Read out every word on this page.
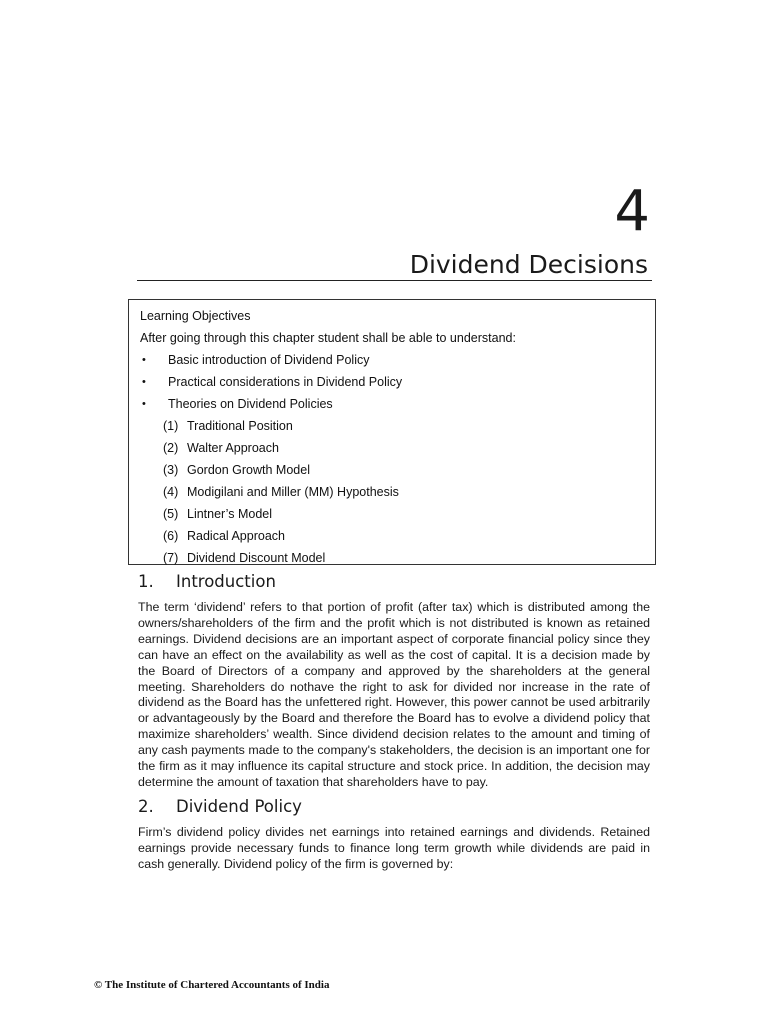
4
Dividend Decisions
Learning Objectives
After going through this chapter student shall be able to understand:
• Basic introduction of Dividend Policy
• Practical considerations in Dividend Policy
• Theories on Dividend Policies
(1) Traditional Position
(2) Walter Approach
(3) Gordon Growth Model
(4) Modigilani and Miller (MM) Hypothesis
(5) Lintner’s Model
(6) Radical Approach
(7) Dividend Discount Model
1. Introduction
The term ‘dividend’ refers to that portion of profit (after tax) which is distributed among the owners/shareholders of the firm and the profit which is not distributed is known as retained earnings. Dividend decisions are an important aspect of corporate financial policy since they can have an effect on the availability as well as the cost of capital. It is a decision made by the Board of Directors of a company and approved by the shareholders at the general meeting. Shareholders do nothave the right to ask for divided nor increase in the rate of dividend as the Board has the unfettered right. However, this power cannot be used arbitrarily or advantageously by the Board and therefore the Board has to evolve a dividend policy that maximize shareholders’ wealth. Since dividend decision relates to the amount and timing of any cash payments made to the company's stakeholders, the decision is an important one for the firm as it may influence its capital structure and stock price. In addition, the decision may determine the amount of taxation that shareholders have to pay.
2. Dividend Policy
Firm’s dividend policy divides net earnings into retained earnings and dividends. Retained earnings provide necessary funds to finance long term growth while dividends are paid in cash generally. Dividend policy of the firm is governed by:
© The Institute of Chartered Accountants of India
